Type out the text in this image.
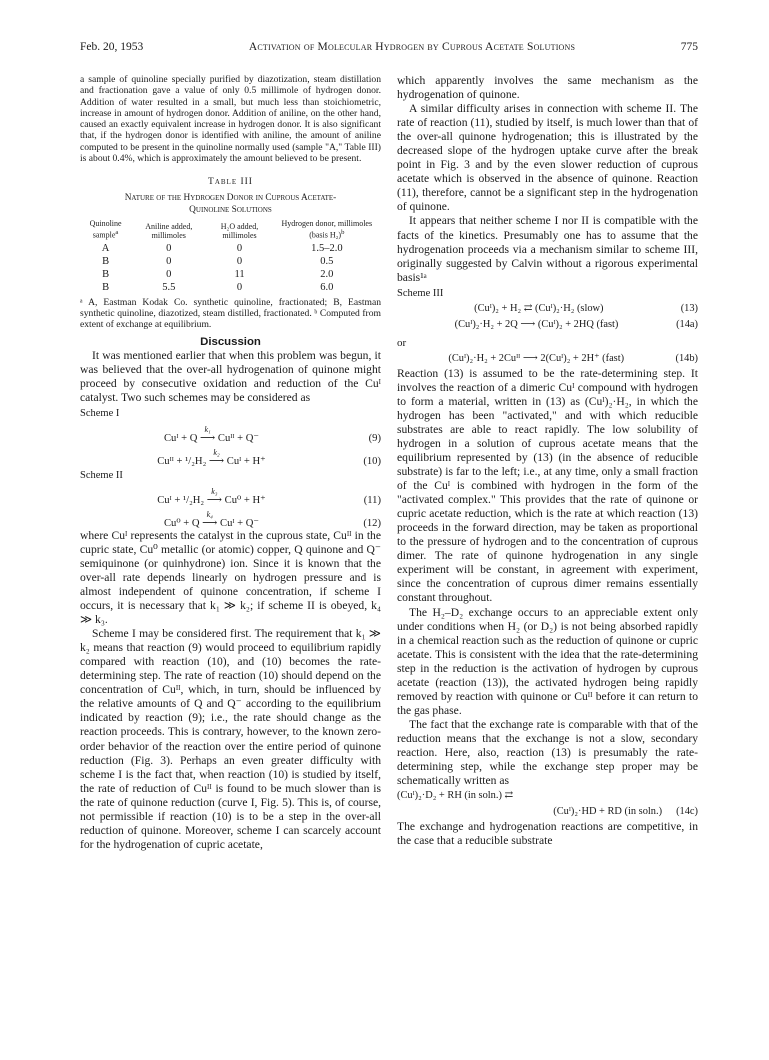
Feb. 20, 1953	Activation of Molecular Hydrogen by Cuprous Acetate Solutions	775

a sample of quinoline specially purified by diazotization, steam distillation and fractionation gave a value of only 0.5 millimole of hydrogen donor. Addition of water resulted in a small, but much less than stoichiometric, increase in amount of hydrogen donor. Addition of aniline, on the other hand, caused an exactly equivalent increase in hydrogen donor. It is also significant that, if the hydrogen donor is identified with aniline, the amount of aniline computed to be present in the quinoline normally used (sample "A," Table III) is about 0.4%, which is approximately the amount believed to be present.

Table III
Nature of the Hydrogen Donor in Cuprous Acetate-
Quinoline Solutions
Quinoline sample$^a$	Aniline added, millimoles	H₂O added, millimoles	Hydrogen donor, millimoles (basis H₂)$^b$
A	0	0	1.5–2.0
B	0	0	0.5
B	0	11	2.0
B	5.5	0	6.0

ᵃ A, Eastman Kodak Co. synthetic quinoline, fractionated; B, Eastman synthetic quinoline, diazotized, steam distilled, fractionated. ᵇ Computed from extent of exchange at equilibrium.

Discussion

It was mentioned earlier that when this problem was begun, it was believed that the over-all hydrogenation of quinone might proceed by consecutive oxidation and reduction of the Cuᴵ catalyst. Two such schemes may be considered as

Scheme I
Cuᴵ + Q
k₁
⟶ Cuᴵᴵ + Q⁻	(9)
Cuᴵᴵ + ¹/₂H₂
k₂
⟶ Cuᴵ + H⁺	(10)
Scheme II
Cuᴵ + ¹/₂H₂
k₃
⟶ Cu⁰ + H⁺	(11)
Cu⁰ + Q
k₄
⟶ Cuᴵ + Q⁻	(12)

where Cuᴵ represents the catalyst in the cuprous state, Cuᴵᴵ in the cupric state, Cu⁰ metallic (or atomic) copper, Q quinone and Q⁻ semiquinone (or quinhydrone) ion. Since it is known that the over-all rate depends linearly on hydrogen pressure and is almost independent of quinone concentration, if scheme I occurs, it is necessary that k₁ ≫ k₂; if scheme II is obeyed, k₄ ≫ k₃.

Scheme I may be considered first. The requirement that k₁ ≫ k₂ means that reaction (9) would proceed to equilibrium rapidly compared with reaction (10), and (10) becomes the rate-determining step. The rate of reaction (10) should depend on the concentration of Cuᴵᴵ, which, in turn, should be influenced by the relative amounts of Q and Q⁻ according to the equilibrium indicated by reaction (9); i.e., the rate should change as the reaction proceeds. This is contrary, however, to the known zero-order behavior of the reaction over the entire period of quinone reduction (Fig. 3). Perhaps an even greater difficulty with scheme I is the fact that, when reaction (10) is studied by itself, the rate of reduction of Cuᴵᴵ is found to be much slower than is the rate of quinone reduction (curve I, Fig. 5). This is, of course, not permissible if reaction (10) is to be a step in the over-all reduction of quinone. Moreover, scheme I can scarcely account for the hydrogenation of cupric acetate,

which apparently involves the same mechanism as the hydrogenation of quinone.

A similar difficulty arises in connection with scheme II. The rate of reaction (11), studied by itself, is much lower than that of the over-all quinone hydrogenation; this is illustrated by the decreased slope of the hydrogen uptake curve after the break point in Fig. 3 and by the even slower reduction of cuprous acetate which is observed in the absence of quinone. Reaction (11), therefore, cannot be a significant step in the hydrogenation of quinone.

It appears that neither scheme I nor II is compatible with the facts of the kinetics. Presumably one has to assume that the hydrogenation proceeds via a mechanism similar to scheme III, originally suggested by Calvin without a rigorous experimental basis¹ᵃ

Scheme III
(Cuᴵ)₂ + H₂ ⇄ (Cuᴵ)₂·H₂ (slow)	(13)
(Cuᴵ)₂·H₂ + 2Q ⟶ (Cuᴵ)₂ + 2HQ (fast)	(14a)
or
(Cuᴵ)₂·H₂ + 2Cuᴵᴵ ⟶ 2(Cuᴵ)₂ + 2H⁺ (fast)	(14b)

Reaction (13) is assumed to be the rate-determining step. It involves the reaction of a dimeric Cuᴵ compound with hydrogen to form a material, written in (13) as (Cuᴵ)₂·H₂, in which the hydrogen has been "activated," and with which reducible substrates are able to react rapidly. The low solubility of hydrogen in a solution of cuprous acetate means that the equilibrium represented by (13) (in the absence of reducible substrate) is far to the left; i.e., at any time, only a small fraction of the Cuᴵ is combined with hydrogen in the form of the "activated complex." This provides that the rate of quinone or cupric acetate reduction, which is the rate at which reaction (13) proceeds in the forward direction, may be taken as proportional to the pressure of hydrogen and to the concentration of cuprous dimer. The rate of quinone hydrogenation in any single experiment will be constant, in agreement with experiment, since the concentration of cuprous dimer remains essentially constant throughout.

The H₂–D₂ exchange occurs to an appreciable extent only under conditions when H₂ (or D₂) is not being absorbed rapidly in a chemical reaction such as the reduction of quinone or cupric acetate. This is consistent with the idea that the rate-determining step in the reduction is the activation of hydrogen by cuprous acetate (reaction (13)), the activated hydrogen being rapidly removed by reaction with quinone or Cuᴵᴵ before it can return to the gas phase.

The fact that the exchange rate is comparable with that of the reduction means that the exchange is not a slow, secondary reaction. Here, also, reaction (13) is presumably the rate-determining step, while the exchange step proper may be schematically written as

(Cuᴵ)₂·D₂ + RH (in soln.) ⇄
(Cuᴵ)₂·HD + RD (in soln.) (14c)

The exchange and hydrogenation reactions are competitive, in the case that a reducible substrate
